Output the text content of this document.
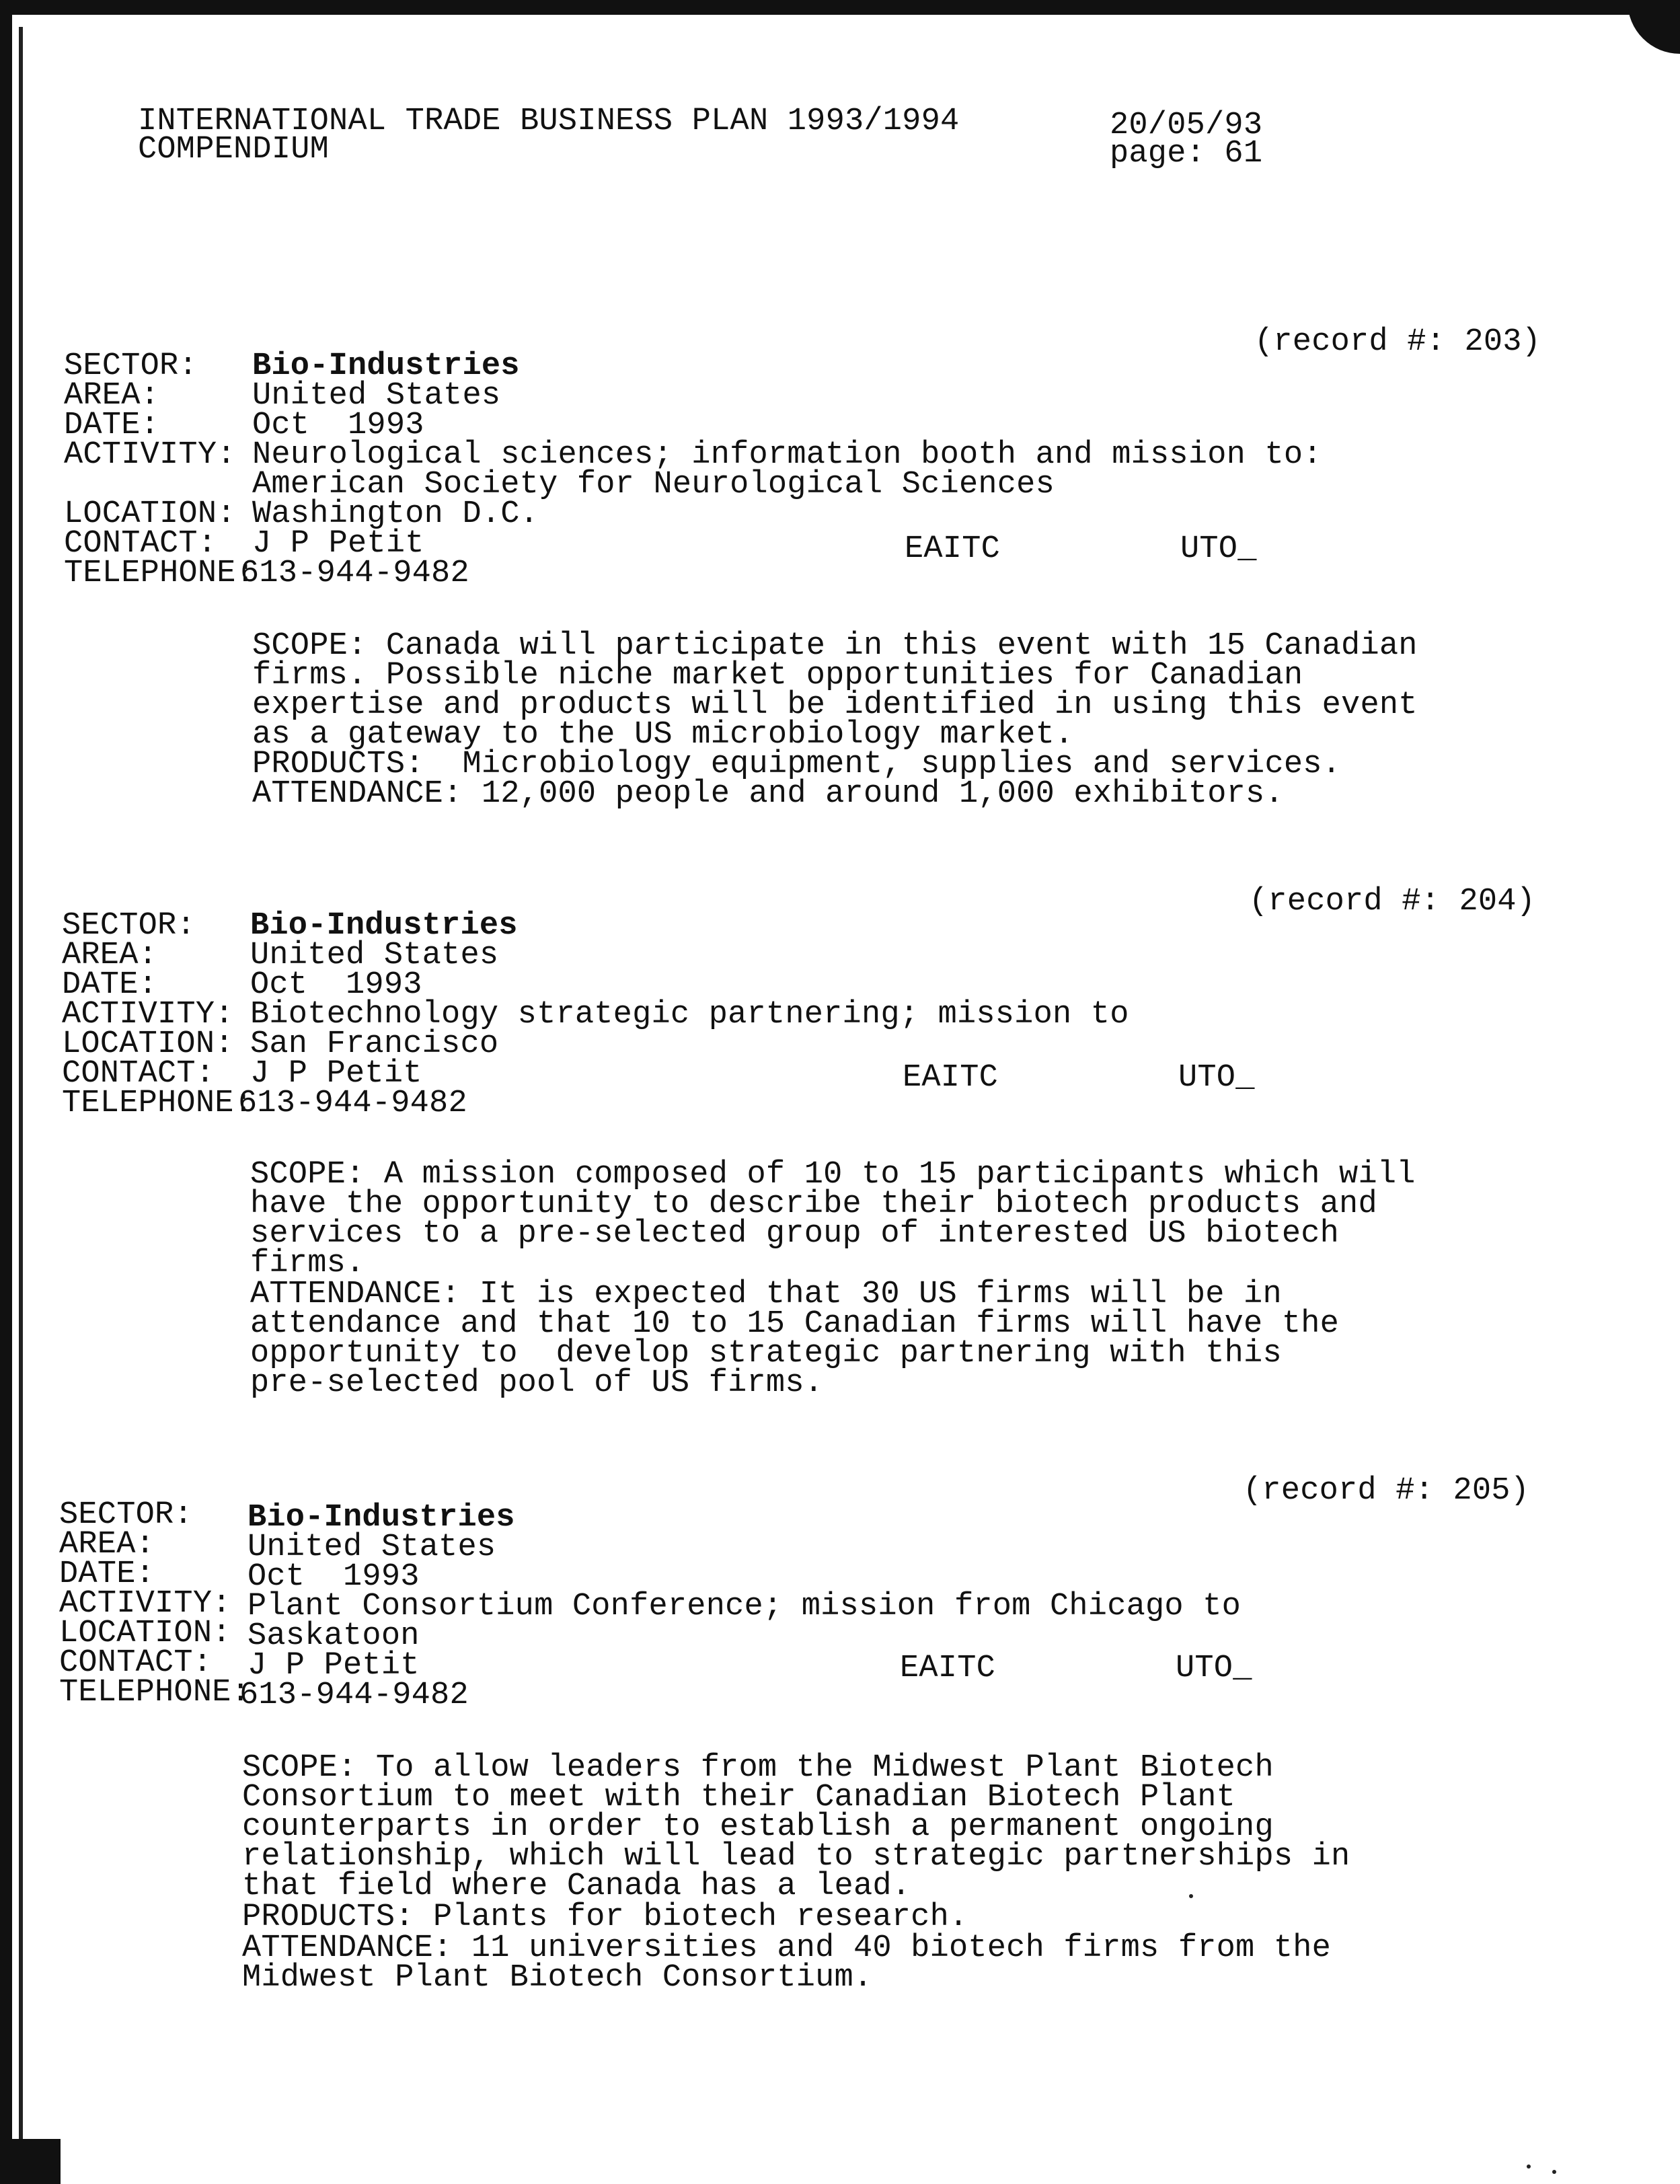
INTERNATIONAL TRADE BUSINESS PLAN 1993/1994
COMPENDIUM
20/05/93
page: 61
(record #: 203)
SECTOR: Bio-Industries
AREA:	United States
DATE:	Oct  1993
ACTIVITY: Neurological sciences; information booth and mission to:
American Society for Neurological Sciences
LOCATION: Washington D.C.
CONTACT: J P Petit	EAITC	UTO_
TELEPHONE:
613-944-9482
SCOPE: Canada will participate in this event with 15 Canadian
firms. Possible niche market opportunities for Canadian
expertise and products will be identified in using this event
as a gateway to the US microbiology market.
PRODUCTS:  Microbiology equipment, supplies and services.
ATTENDANCE: 12,000 people and around 1,000 exhibitors.
(record #: 204)
SECTOR: Bio-Industries
AREA:	United States
DATE:	Oct  1993
ACTIVITY: Biotechnology strategic partnering; mission to
LOCATION: San Francisco
CONTACT: J P Petit	EAITC	UTO_
TELEPHONE:
613-944-9482
SCOPE: A mission composed of 10 to 15 participants which will
have the opportunity to describe their biotech products and
services to a pre-selected group of interested US biotech
firms.
ATTENDANCE: It is expected that 30 US firms will be in
attendance and that 10 to 15 Canadian firms will have the
opportunity to  develop strategic partnering with this
pre-selected pool of US firms.
(record #: 205)
SECTOR: Bio-Industries
AREA:	United States
DATE:	Oct  1993
ACTIVITY: Plant Consortium Conference; mission from Chicago to
LOCATION: Saskatoon
CONTACT: J P Petit	EAITC	UTO_
TELEPHONE:
613-944-9482
SCOPE: To allow leaders from the Midwest Plant Biotech
Consortium to meet with their Canadian Biotech Plant
counterparts in order to establish a permanent ongoing
relationship, which will lead to strategic partnerships in
that field where Canada has a lead.
PRODUCTS: Plants for biotech research.
ATTENDANCE: 11 universities and 40 biotech firms from the
Midwest Plant Biotech Consortium.
